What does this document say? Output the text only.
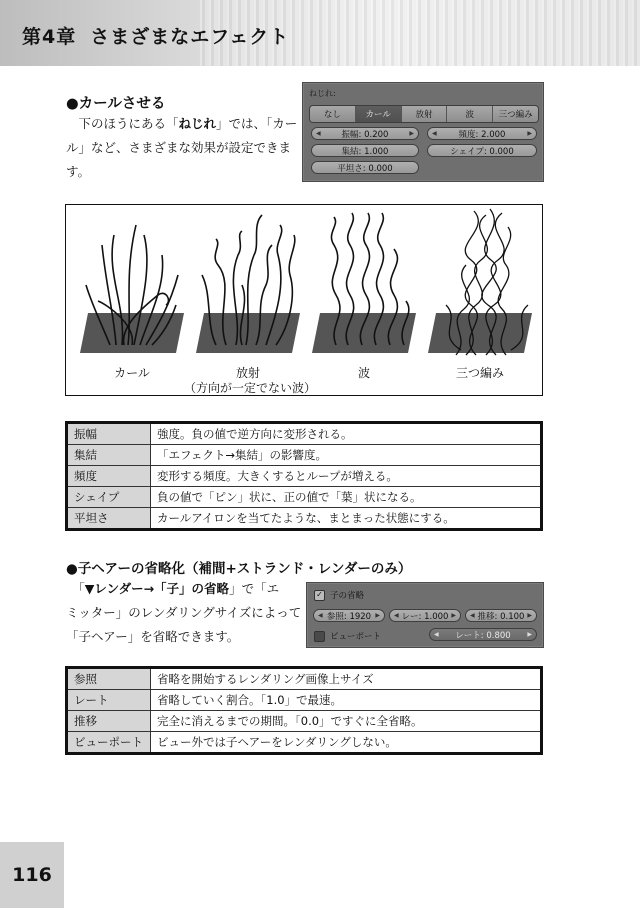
第4章 さまざまなエフェクト
●カールさせる
　下のほうにある「ねじれ」では、「カー
ル」など、さまざまな効果が設定できます。
ねじれ:
なし	カール	放射	波	三つ編み
◀ 振幅: 0.200	▶	◀	頻度: 2.000	▶
集結: 1.000	シェイプ: 0.000
平坦さ: 0.000
カール	放射
（方向が一定でない波）
波	三つ編み
振幅	強度。負の値で逆方向に変形される。
集結	「エフェクト→集結」の影響度。
頻度	変形する頻度。大きくするとループが増える。
シェイプ	負の値で「ピン」状に、正の値で「葉」状になる。
平坦さ	カールアイロンを当てたような、まとまった状態にする。
●子ヘアーの省略化（補間+ストランド・レンダーのみ）
　「▼レンダー→「子」の省略」で「エ
ミッター」のレンダリングサイズによって
「子ヘアー」を省略できます。
✓ 子の省略
◀ 参照: 1920 ▶ ◀ レー: 1.000 ▶ ◀ 推移: 0.100 ▶
ビューポート	◀ レート: 0.800	▶
参照	省略を開始するレンダリング画像上サイズ
レート	省略していく割合。「1.0」で最速。
推移	完全に消えるまでの期間。「0.0」ですぐに全省略。
ビューポート	ビュー外では子ヘアーをレンダリングしない。
116
